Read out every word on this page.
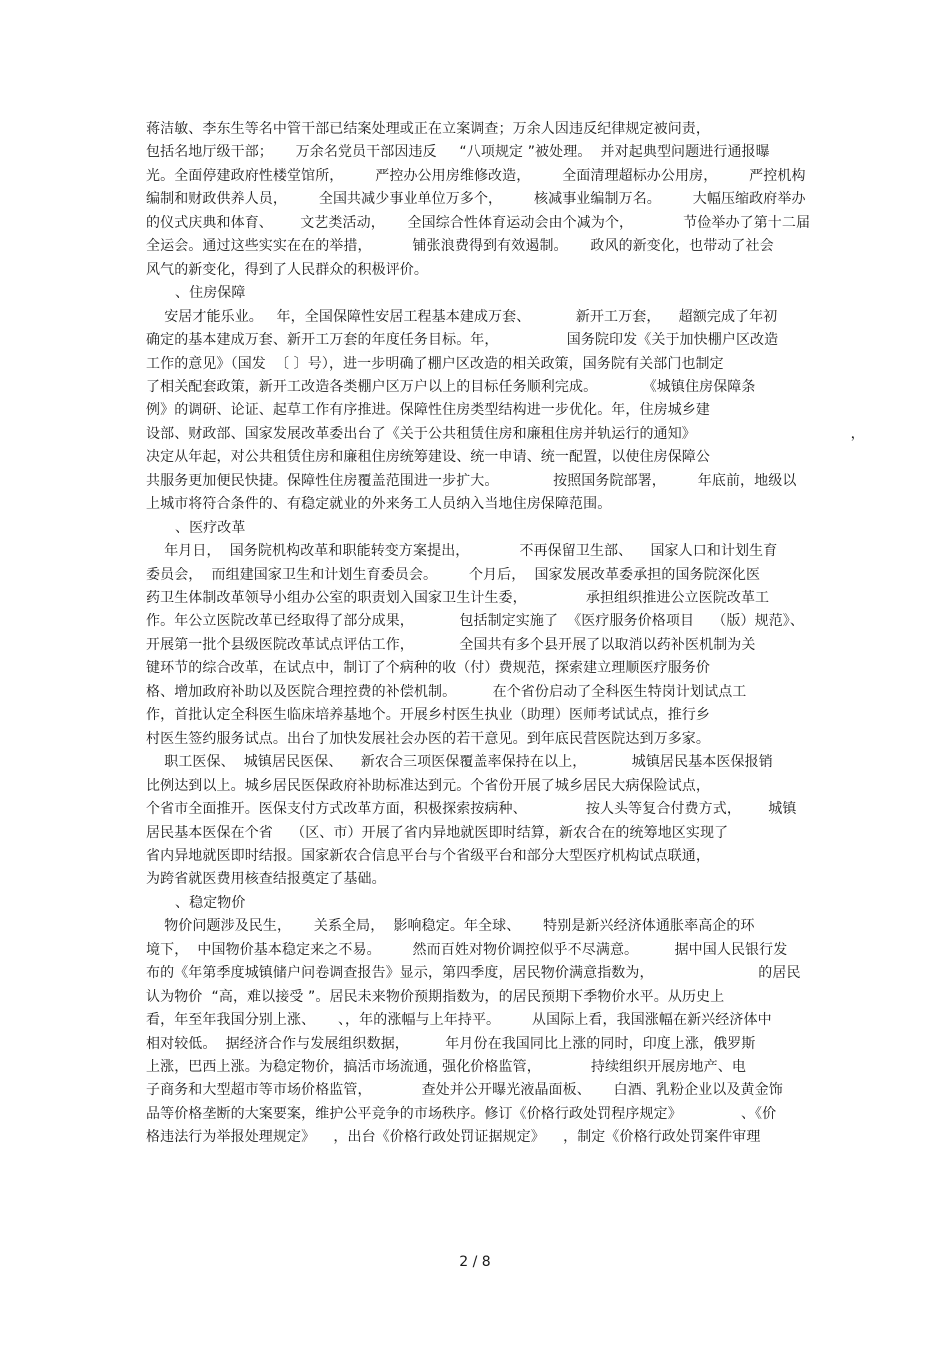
蒋洁敏、李东生等名中管干部已结案处理或正在立案调查；万余人因违反纪律规定被问责，
包括名地厅级干部；     万余名党员干部因违反     “八项规定 ”被处理。  并对起典型问题进行通报曝
光。全面停建政府性楼堂馆所，       严控办公用房维修改造，       全面清理超标办公用房，       严控机构
编制和财政供养人员，       全国共减少事业单位万多个，       核减事业编制万名。       大幅压缩政府举办
的仪式庆典和体育、      文艺类活动，     全国综合性体育运动会由个减为个，           节俭举办了第十二届
全运会。通过这些实实在在的举措，         铺张浪费得到有效遏制。     政风的新变化，也带动了社会
风气的新变化，得到了人民群众的积极评价。
、住房保障
安居才能乐业。   年，全国保障性安居工程基本建成万套、          新开工万套，    超额完成了年初
确定的基本建成万套、新开工万套的年度任务目标。年，               国务院印发《关于加快棚户区改造
工作的意见》（国发  〔 〕号），进一步明确了棚户区改造的相关政策，国务院有关部门也制定
了相关配套政策，新开工改造各类棚户区万户以上的目标任务顺利完成。          《城镇住房保障条
例》的调研、论证、起草工作有序推进。保障性住房类型结构进一步优化。年，住房城乡建
设部、财政部、国家发展改革委出台了《关于公共租赁住房和廉租住房并轨运行的通知》                                  ，
决定从年起，对公共租赁住房和廉租住房统筹建设、统一申请、统一配置，以使住房保障公
共服务更加便民快捷。保障性住房覆盖范围进一步扩大。            按照国务院部署，       年底前，地级以
上城市将符合条件的、有稳定就业的外来务工人员纳入当地住房保障范围。
、医疗改革
年月日，  国务院机构改革和职能转变方案提出，           不再保留卫生部、    国家人口和计划生育
委员会，  而组建国家卫生和计划生育委员会。       个月后，  国家发展改革委承担的国务院深化医
药卫生体制改革领导小组办公室的职责划入国家卫生计生委，             承担组织推进公立医院改革工
作。年公立医院改革已经取得了部分成果，          包括制定实施了  《医疗服务价格项目    （版）规范》、
开展第一批个县级医院改革试点评估工作，          全国共有多个县开展了以取消以药补医机制为关
键环节的综合改革，在试点中，制订了个病种的收（付）费规范，探索建立理顺医疗服务价
格、增加政府补助以及医院合理控费的补偿机制。        在个省份启动了全科医生特岗计划试点工
作，首批认定全科医生临床培养基地个。开展乡村医生执业（助理）医师考试试点，推行乡
村医生签约服务试点。出台了加快发展社会办医的若干意见。到年底民营医院达到万多家。
职工医保、  城镇居民医保、    新农合三项医保覆盖率保持在以上，          城镇居民基本医保报销
比例达到以上。城乡居民医保政府补助标准达到元。个省份开展了城乡居民大病保险试点，
个省市全面推开。医保支付方式改革方面，积极探索按病种、             按人头等复合付费方式，      城镇
居民基本医保在个省    （区、市）开展了省内异地就医即时结算，新农合在的统筹地区实现了
省内异地就医即时结报。国家新农合信息平台与个省级平台和部分大型医疗机构试点联通，
为跨省就医费用核查结报奠定了基础。
、稳定物价
物价问题涉及民生，     关系全局，  影响稳定。年全球、     特别是新兴经济体通胀率高企的环
境下，  中国物价基本稳定来之不易。       然而百姓对物价调控似乎不尽满意。        据中国人民银行发
布的《年第季度城镇储户问卷调查报告》显示，第四季度，居民物价满意指数为，                       的居民
认为物价  “高，难以接受 ”。居民未来物价预期指数为，的居民预期下季物价水平。从历史上
看，年至年我国分别上涨、     、，年的涨幅与上年持平。       从国际上看，我国涨幅在新兴经济体中
相对较低。  据经济合作与发展组织数据，        年月份在我国同比上涨的同时，印度上涨，俄罗斯
上涨，巴西上涨。为稳定物价，搞活市场流通，强化价格监管，           持续组织开展房地产、电
子商务和大型超市等市场价格监管，           查处并公开曝光液晶面板、     白酒、乳粉企业以及黄金饰
品等价格垄断的大案要案，维护公平竞争的市场秩序。修订《价格行政处罚程序规定》             、《价
格违法行为举报处理规定》    ，出台《价格行政处罚证据规定》    ，制定《价格行政处罚案件审理
2 / 8
